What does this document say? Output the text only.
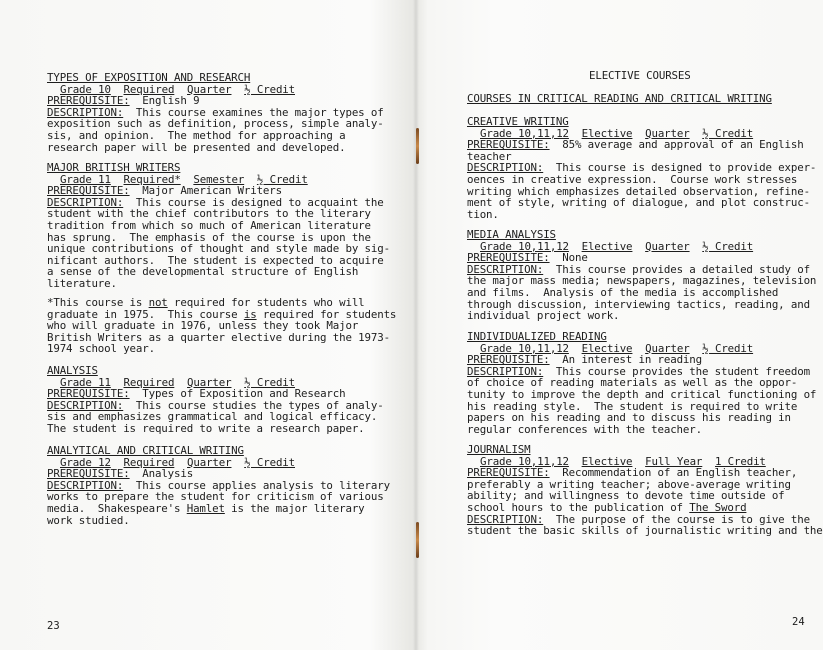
TYPES OF EXPOSITION AND RESEARCH
Grade 10 Required Quarter ½ Credit
PREREQUISITE: English 9
DESCRIPTION: This course examines the major types of
exposition such as definition, process, simple analy-
sis, and opinion.  The method for approaching a
research paper will be presented and developed.
MAJOR BRITISH WRITERS
Grade 11 Required* Semester ½ Credit
PREREQUISITE: Major American Writers
DESCRIPTION: This course is designed to acquaint the
student with the chief contributors to the literary
tradition from which so much of American literature
has sprung.  The emphasis of the course is upon the
unique contributions of thought and style made by sig-
nificant authors.  The student is expected to acquire
a sense of the developmental structure of English
literature.
*This course is not required for students who will
graduate in 1975.  This course is required for students
who will graduate in 1976, unless they took Major
British Writers as a quarter elective during the 1973-
1974 school year.
ANALYSIS
Grade 11 Required Quarter ½ Credit
PREREQUISITE: Types of Exposition and Research
DESCRIPTION: This course studies the types of analy-
sis and emphasizes grammatical and logical efficacy.
The student is required to write a research paper.
ANALYTICAL AND CRITICAL WRITING
Grade 12 Required Quarter ½ Credit
PREREQUISITE: Analysis
DESCRIPTION: This course applies analysis to literary
works to prepare the student for criticism of various
media.  Shakespeare's Hamlet is the major literary
work studied.
23
ELECTIVE COURSES
COURSES IN CRITICAL READING AND CRITICAL WRITING
CREATIVE WRITING
Grade 10,11,12 Elective Quarter ½ Credit
PREREQUISITE: 85% average and approval of an English
teacher
DESCRIPTION: This course is designed to provide exper-
oences in creative expression.  Course work stresses
writing which emphasizes detailed observation, refine-
ment of style, writing of dialogue, and plot construc-
tion.
MEDIA ANALYSIS
Grade 10,11,12 Elective Quarter ½ Credit
PREREQUISITE: None
DESCRIPTION: This course provides a detailed study of
the major mass media; newspapers, magazines, television
and films.  Analysis of the media is accomplished
through discussion, interviewing tactics, reading, and
individual project work.
INDIVIDUALIZED READING
Grade 10,11,12 Elective Quarter ½ Credit
PREREQUISITE: An interest in reading
DESCRIPTION: This course provides the student freedom
of choice of reading materials as well as the oppor-
tunity to improve the depth and critical functioning of
his reading style.  The student is required to write
papers on his reading and to discuss his reading in
regular conferences with the teacher.
JOURNALISM
Grade 10,11,12 Elective Full Year 1 Credit
PREREQUISITE: Recommendation of an English teacher,
preferably a writing teacher; above-average writing
ability; and willingness to devote time outside of
school hours to the publication of The Sword
DESCRIPTION: The purpose of the course is to give the
student the basic skills of journalistic writing and the
24
